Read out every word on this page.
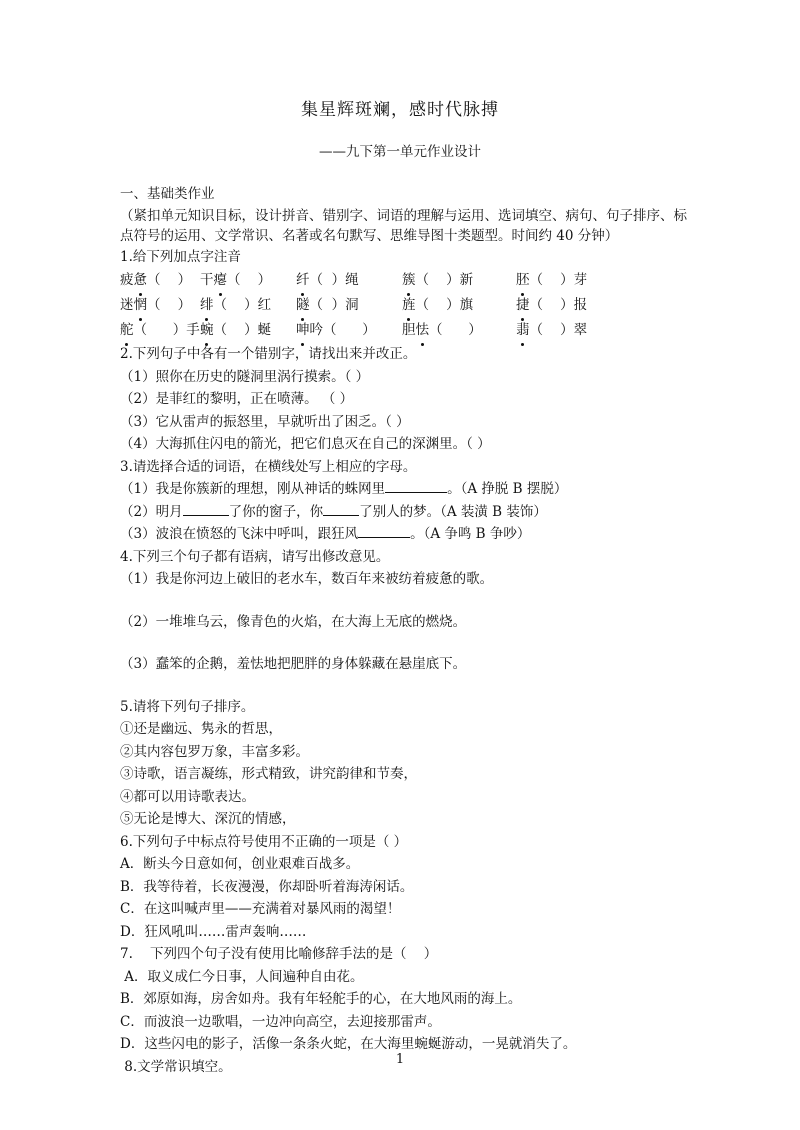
集星辉斑斓，感时代脉搏
——九下第一单元作业设计
一、基础类作业
（紧扣单元知识目标，设计拼音、错别字、词语的理解与运用、选词填空、病句、句子排序、标点符号的运用、文学常识、名著或名句默写、思维导图十类题型。时间约 40 分钟）
1.给下列加点字注音
疲惫（    ） 干瘪（    ） 纤（  ）绳	簇（    ）新	胚（    ）芽
迷惘（    ） 绯（    ）红 隧（  ）洞	旌（    ）旗	捷（    ）报
舵（      ）手 蜿（    ）蜒 呻吟（      ） 胆怯（      ）	翡（    ）翠
2.下列句子中各有一个错别字，请找出来并改正。
（1）照你在历史的隧洞里涡行摸索。（ ）
（2）是菲红的黎明，正在喷薄。 （ ）
（3）它从雷声的振怒里，早就听出了困乏。（ ）
（4）大海抓住闪电的箭光，把它们息灭在自己的深渊里。（ ）
3.请选择合适的词语，在横线处写上相应的字母。
（1）我是你簇新的理想，刚从神话的蛛网里	。（A 挣脱 B 摆脱）
（2）明月	了你的窗子，你	了别人的梦。（A 装潢 B 装饰）
（3）波浪在愤怒的飞沫中呼叫，跟狂风	。（A 争鸣 B 争吵）
4.下列三个句子都有语病，请写出修改意见。
（1）我是你河边上破旧的老水车，数百年来被纺着疲惫的歌。
（2）一堆堆乌云，像青色的火焰，在大海上无底的燃烧。
（3）蠢笨的企鹅，羞怯地把肥胖的身体躲藏在悬崖底下。
5.请将下列句子排序。
①还是幽远、隽永的哲思，
②其内容包罗万象，丰富多彩。
③诗歌，语言凝练，形式精致，讲究韵律和节奏，
④都可以用诗歌表达。
⑤无论是博大、深沉的情感，
6.下列句子中标点符号使用不正确的一项是（ ）
A．断头今日意如何，创业艰难百战多。
B．我等待着，长夜漫漫，你却卧听着海涛闲话。
C．在这叫喊声里——充满着对暴风雨的渴望！
D．狂风吼叫……雷声轰响……
7.    下列四个句子没有使用比喻修辞手法的是（    ）
A．取义成仁今日事，人间遍种自由花。
B．郊原如海，房舍如舟。我有年轻舵手的心，在大地风雨的海上。
C．而波浪一边歌唱，一边冲向高空，去迎接那雷声。
D．这些闪电的影子，活像一条条火蛇，在大海里蜿蜒游动，一晃就消失了。
8.文学常识填空。	1
